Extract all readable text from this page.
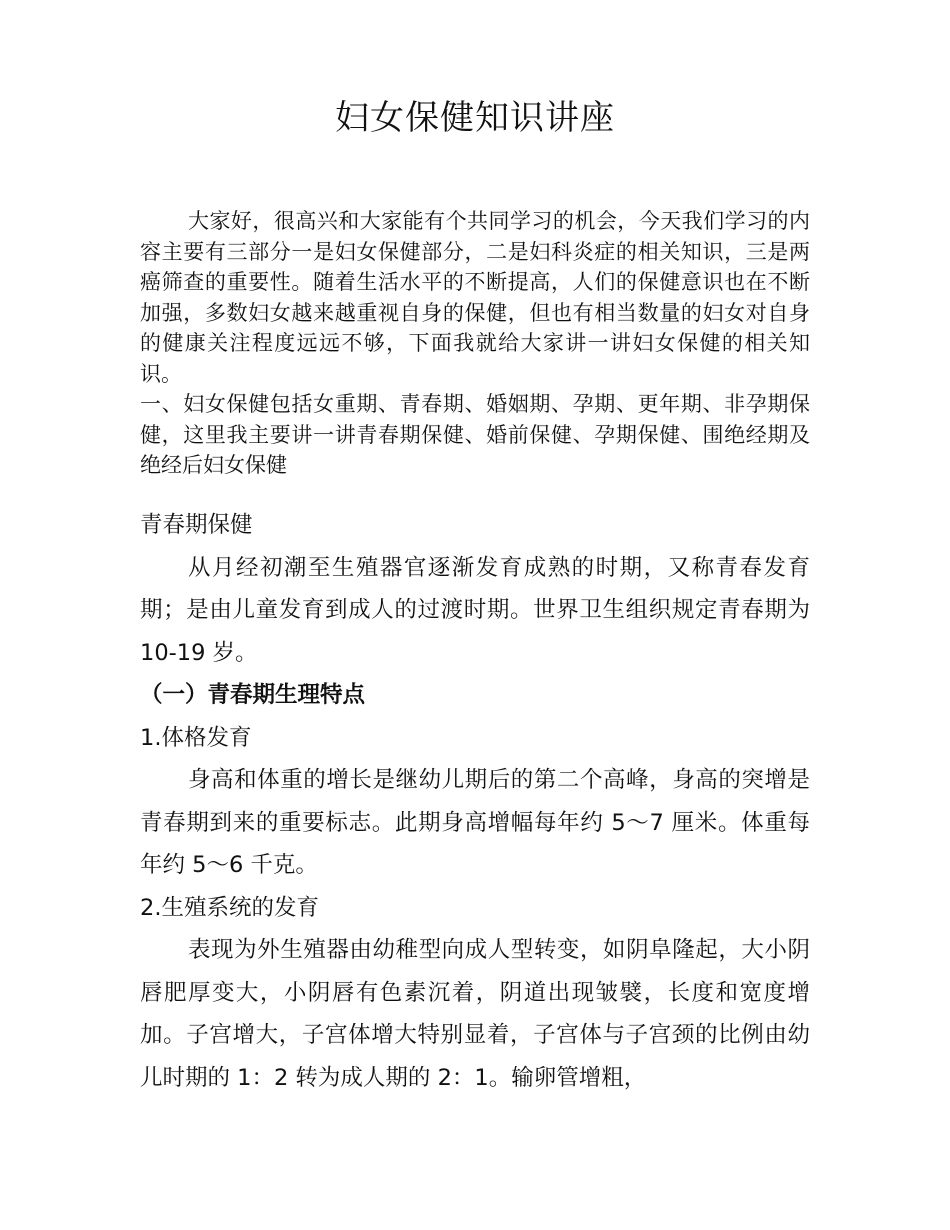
妇女保健知识讲座

大家好，很高兴和大家能有个共同学习的机会，今天我们学习的内容主要有三部分一是妇女保健部分，二是妇科炎症的相关知识，三是两癌筛查的重要性。随着生活水平的不断提高，人们的保健意识也在不断加强，多数妇女越来越重视自身的保健，但也有相当数量的妇女对自身的健康关注程度远远不够，下面我就给大家讲一讲妇女保健的相关知识。

一、妇女保健包括女重期、青春期、婚姻期、孕期、更年期、非孕期保健，这里我主要讲一讲青春期保健、婚前保健、孕期保健、围绝经期及绝经后妇女保健

青春期保健

从月经初潮至生殖器官逐渐发育成熟的时期，又称青春发育期；是由儿童发育到成人的过渡时期。世界卫生组织规定青春期为 10-19 岁。

（一）青春期生理特点

1.体格发育

身高和体重的增长是继幼儿期后的第二个高峰，身高的突增是青春期到来的重要标志。此期身高增幅每年约 5～7 厘米。体重每年约 5～6 千克。

2.生殖系统的发育

表现为外生殖器由幼稚型向成人型转变，如阴阜隆起，大小阴唇肥厚变大，小阴唇有色素沉着，阴道出现皱襞，长度和宽度增加。子宫增大，子宫体增大特别显着，子宫体与子宫颈的比例由幼儿时期的 1：2 转为成人期的 2：1。输卵管增粗，
